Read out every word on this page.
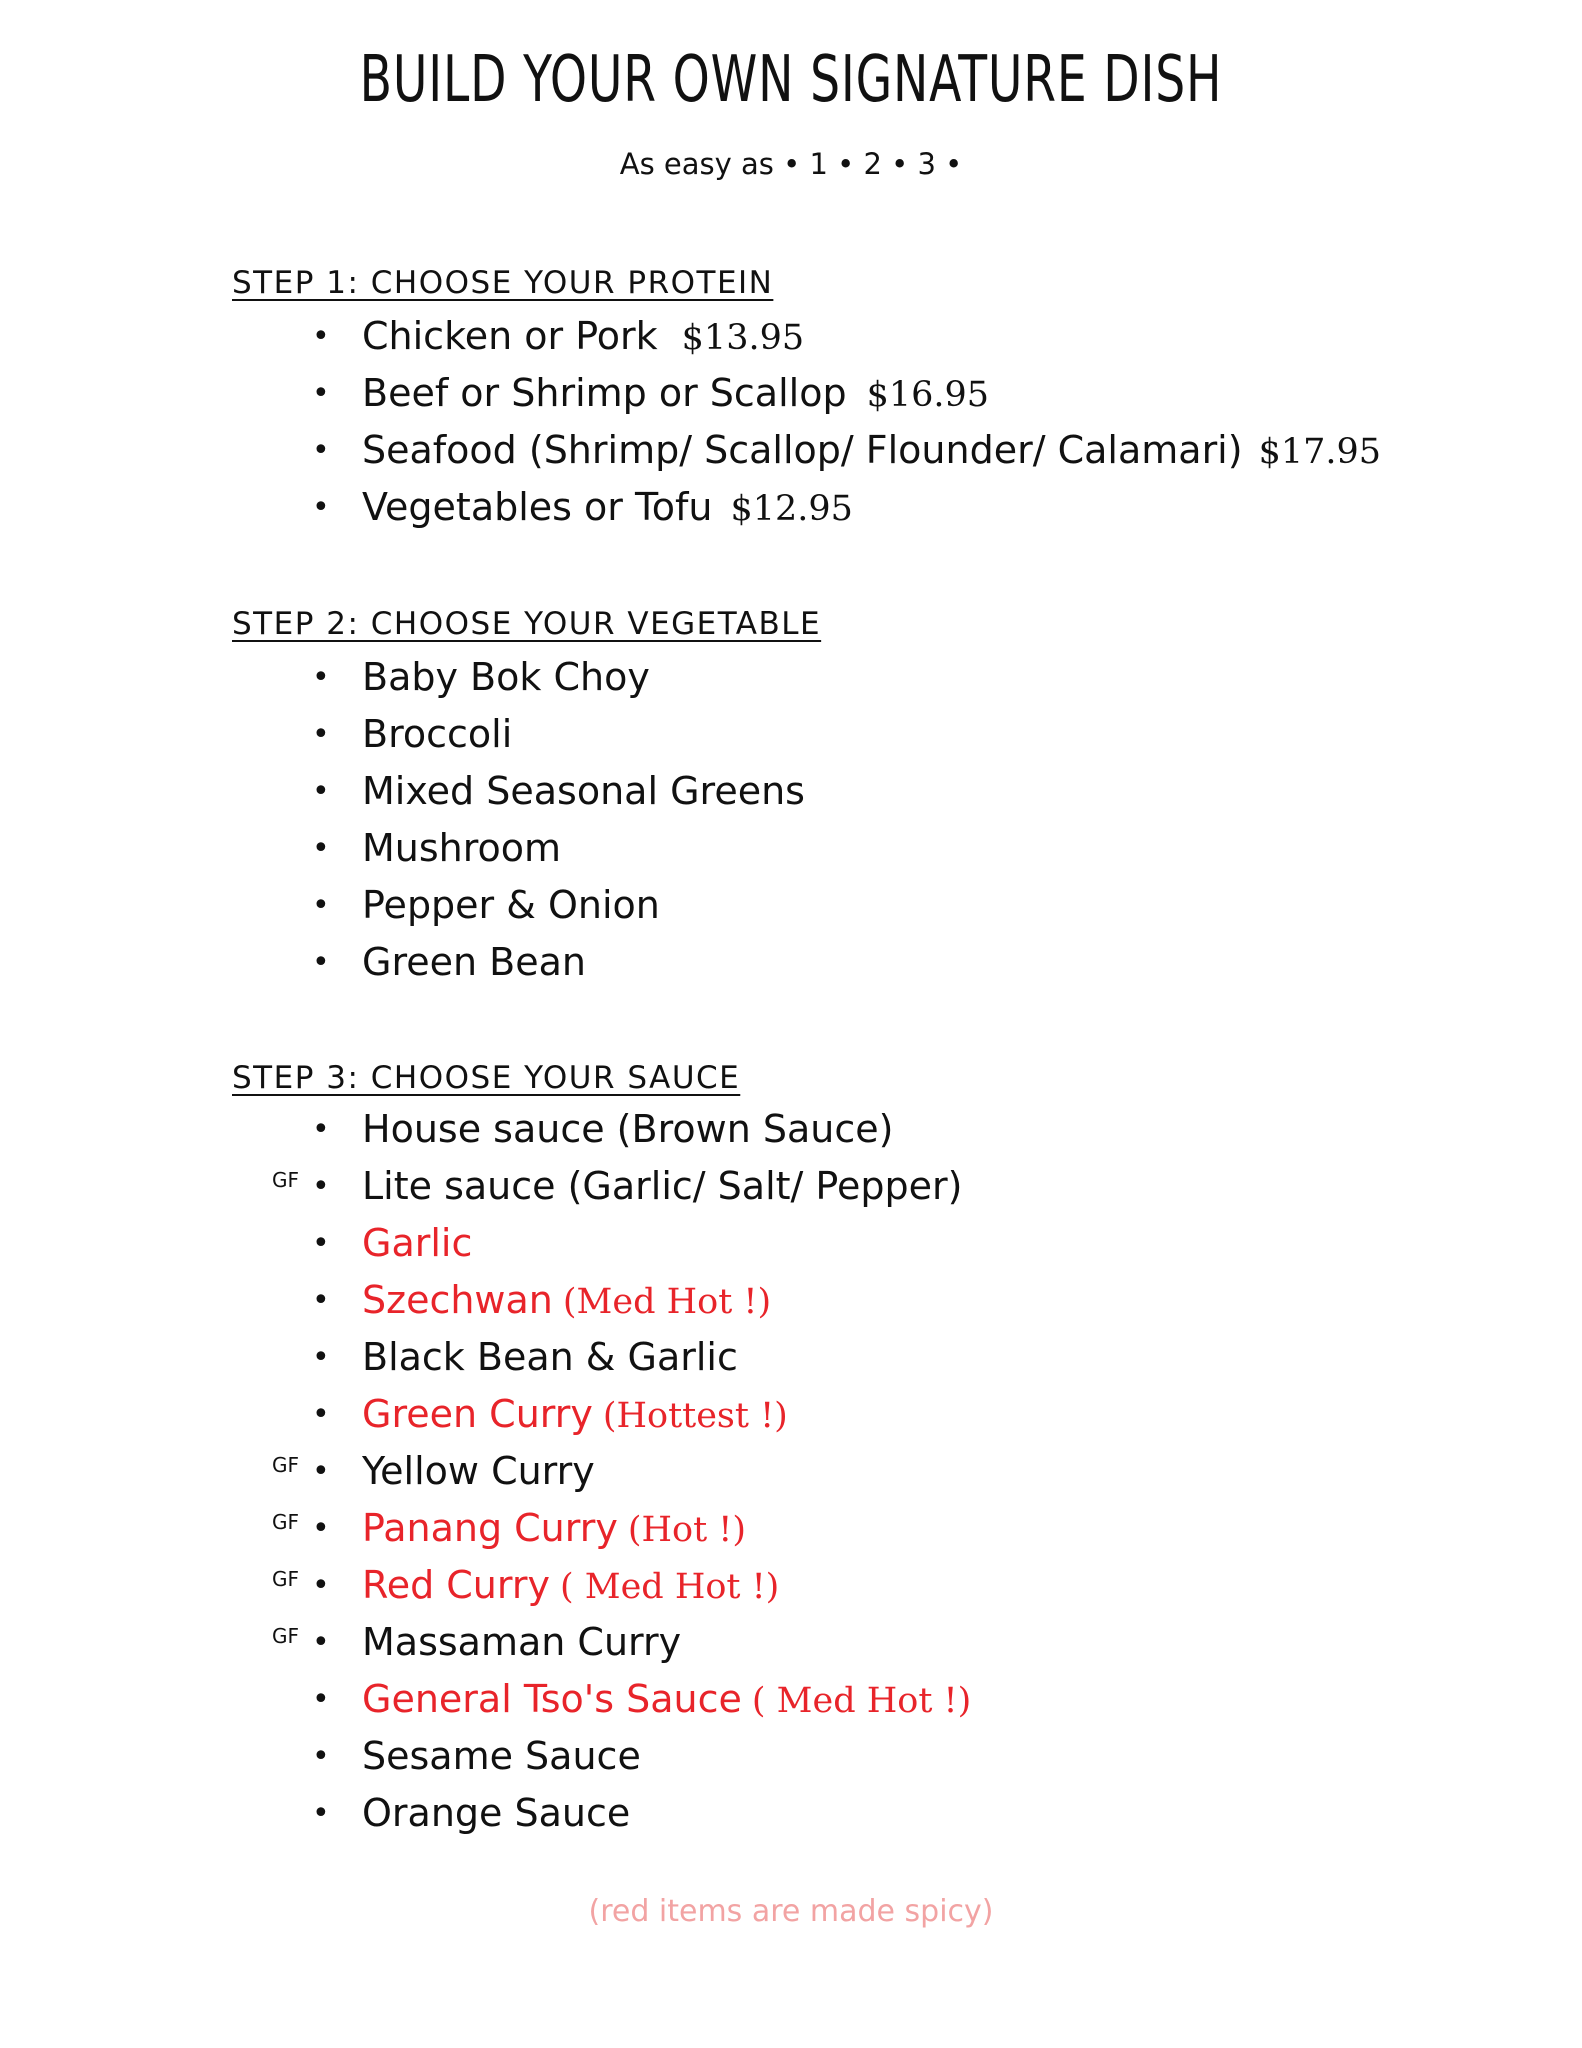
BUILD YOUR OWN SIGNATURE DISH
As easy as • 1 • 2 • 3 •
STEP 1: CHOOSE YOUR PROTEIN
• Chicken or Pork $13.95
• Beef or Shrimp or Scallop $16.95
• Seafood (Shrimp/ Scallop/ Flounder/ Calamari) $17.95
• Vegetables or Tofu $12.95
STEP 2: CHOOSE YOUR VEGETABLE
• Baby Bok Choy
• Broccoli
• Mixed Seasonal Greens
• Mushroom
• Pepper & Onion
• Green Bean
STEP 3: CHOOSE YOUR SAUCE
• House sauce (Brown Sauce)
GF • Lite sauce (Garlic/ Salt/ Pepper)
• Garlic
• Szechwan (Med Hot !)
• Black Bean & Garlic
• Green Curry (Hottest !)
GF • Yellow Curry
GF • Panang Curry (Hot !)
GF • Red Curry ( Med Hot !)
GF • Massaman Curry
• General Tso's Sauce ( Med Hot !)
• Sesame Sauce
• Orange Sauce
(red items are made spicy)
